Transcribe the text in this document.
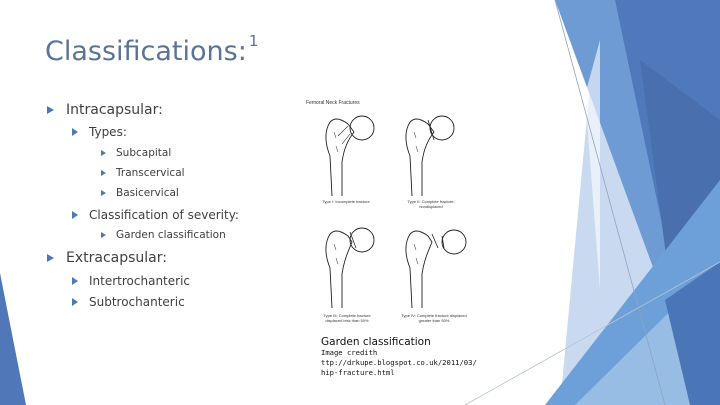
Classifications: $^1$
Intracapsular:
Types:
Subcapital
Transcervical
Basicervical
Classification of severity:
Garden classification
Extracapsular:
Intertrochanteric
Subtrochanteric
Femoral Neck Fractures
Type I: Incomplete fracture	Type II: Complete fracture,
nondisplaced
Type III: Complete fracture
displaced less than 50%
Type IV: Complete fracture displaced
greater than 50%
Garden classification
Image credith
ttp://drkupe.blogspot.co.uk/2011/03/
hip-fracture.html
